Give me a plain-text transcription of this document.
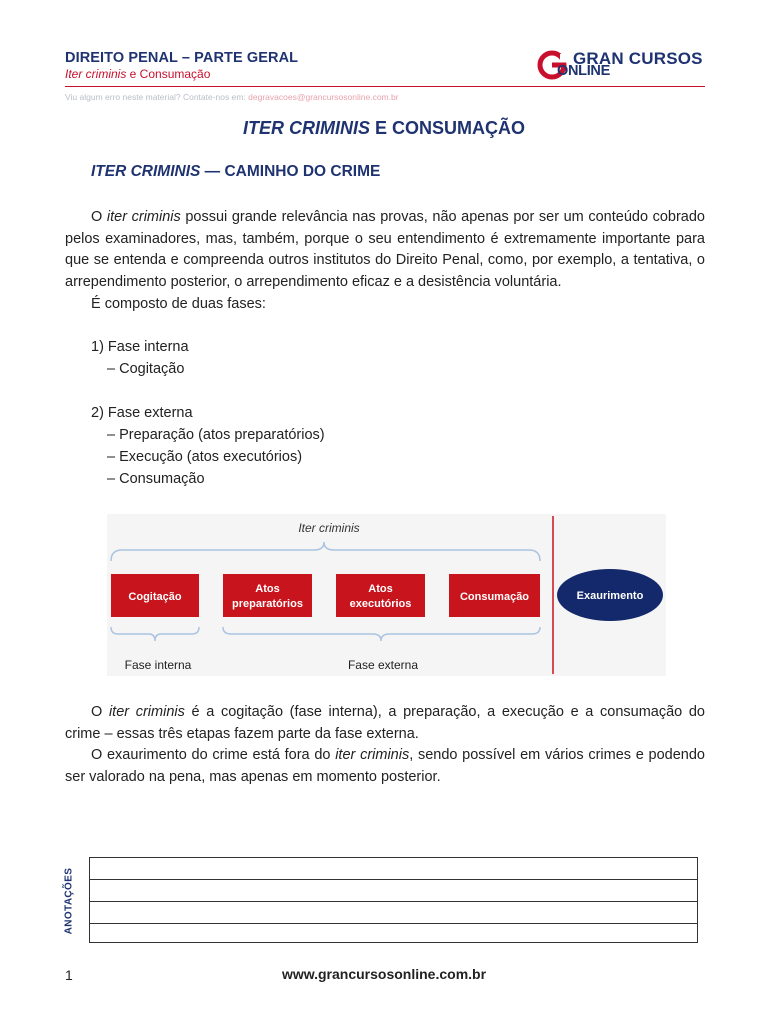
DIREITO PENAL – PARTE GERAL
Iter criminis e Consumação
GRAN CURSOS
ONLINE
Viu algum erro neste material? Contate-nos em: degravacoes@grancursosonline.com.br
ITER CRIMINIS E CONSUMAÇÃO
ITER CRIMINIS — CAMINHO DO CRIME

O iter criminis possui grande relevância nas provas, não apenas por ser um conteúdo cobrado pelos examinadores, mas, também, porque o seu entendimento é extremamente importante para que se entenda e compreenda outros institutos do Direito Penal, como, por exemplo, a tentativa, o arrependimento posterior, o arrependimento eficaz e a desistência voluntária.

É composto de duas fases:

1) Fase interna
– Cogitação
2) Fase externa
– Preparação (atos preparatórios)
– Execução (atos executórios)
– Consumação
Iter criminis
Cogitação
Atos
preparatórios
Atos
executórios
Consumação	Exaurimento
Fase interna	Fase externa

O iter criminis é a cogitação (fase interna), a preparação, a execução e a consumação do crime – essas três etapas fazem parte da fase externa.

O exaurimento do crime está fora do iter criminis, sendo possível em vários crimes e podendo ser valorado na pena, mas apenas em momento posterior.

ANOTAÇÕES
1	www.grancursosonline.com.br
